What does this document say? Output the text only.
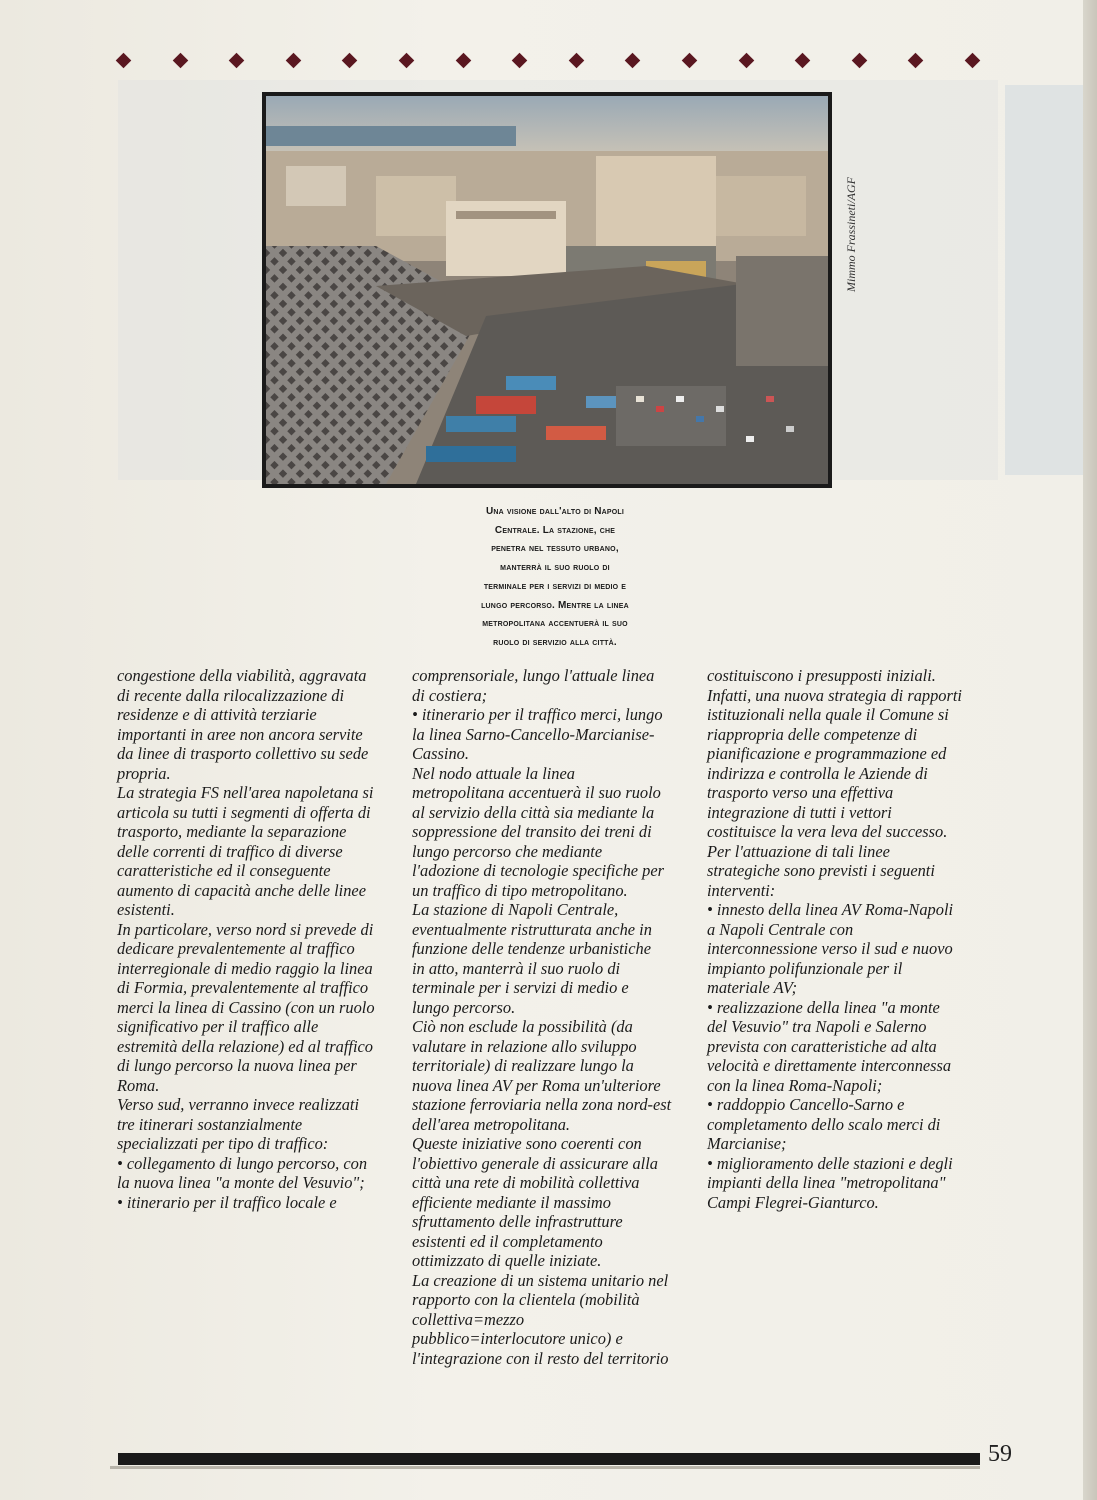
Mimmo Frassineti/AGF
Una visione dall'alto di Napoli
Centrale. La stazione, che
penetra nel tessuto urbano,
manterrà il suo ruolo di
terminale per i servizi di medio e
lungo percorso. Mentre la linea
metropolitana accentuerà il suo
ruolo di servizio alla città.
congestione della viabilità, aggravata
di recente dalla rilocalizzazione di
residenze e di attività terziarie
importanti in aree non ancora servite
da linee di trasporto collettivo su sede
propria.
La strategia FS nell'area napoletana si
articola su tutti i segmenti di offerta di
trasporto, mediante la separazione
delle correnti di traffico di diverse
caratteristiche ed il conseguente
aumento di capacità anche delle linee
esistenti.
In particolare, verso nord si prevede di
dedicare prevalentemente al traffico
interregionale di medio raggio la linea
di Formia, prevalentemente al traffico
merci la linea di Cassino (con un ruolo
significativo per il traffico alle
estremità della relazione) ed al traffico
di lungo percorso la nuova linea per
Roma.
Verso sud, verranno invece realizzati
tre itinerari sostanzialmente
specializzati per tipo di traffico:
• collegamento di lungo percorso, con
la nuova linea "a monte del Vesuvio";
• itinerario per il traffico locale e
comprensoriale, lungo l'attuale linea
di costiera;
• itinerario per il traffico merci, lungo
la linea Sarno-Cancello-Marcianise-
Cassino.
Nel nodo attuale la linea
metropolitana accentuerà il suo ruolo
al servizio della città sia mediante la
soppressione del transito dei treni di
lungo percorso che mediante
l'adozione di tecnologie specifiche per
un traffico di tipo metropolitano.
La stazione di Napoli Centrale,
eventualmente ristrutturata anche in
funzione delle tendenze urbanistiche
in atto, manterrà il suo ruolo di
terminale per i servizi di medio e
lungo percorso.
Ciò non esclude la possibilità (da
valutare in relazione allo sviluppo
territoriale) di realizzare lungo la
nuova linea AV per Roma un'ulteriore
stazione ferroviaria nella zona nord-est
dell'area metropolitana.
Queste iniziative sono coerenti con
l'obiettivo generale di assicurare alla
città una rete di mobilità collettiva
efficiente mediante il massimo
sfruttamento delle infrastrutture
esistenti ed il completamento
ottimizzato di quelle iniziate.
La creazione di un sistema unitario nel
rapporto con la clientela (mobilità
collettiva=mezzo
pubblico=interlocutore unico) e
l'integrazione con il resto del territorio
costituiscono i presupposti iniziali.
Infatti, una nuova strategia di rapporti
istituzionali nella quale il Comune si
riappropria delle competenze di
pianificazione e programmazione ed
indirizza e controlla le Aziende di
trasporto verso una effettiva
integrazione di tutti i vettori
costituisce la vera leva del successo.
Per l'attuazione di tali linee
strategiche sono previsti i seguenti
interventi:
• innesto della linea AV Roma-Napoli
a Napoli Centrale con
interconnessione verso il sud e nuovo
impianto polifunzionale per il
materiale AV;
• realizzazione della linea "a monte
del Vesuvio" tra Napoli e Salerno
prevista con caratteristiche ad alta
velocità e direttamente interconnessa
con la linea Roma-Napoli;
• raddoppio Cancello-Sarno e
completamento dello scalo merci di
Marcianise;
• miglioramento delle stazioni e degli
impianti della linea "metropolitana"
Campi Flegrei-Gianturco.
59
